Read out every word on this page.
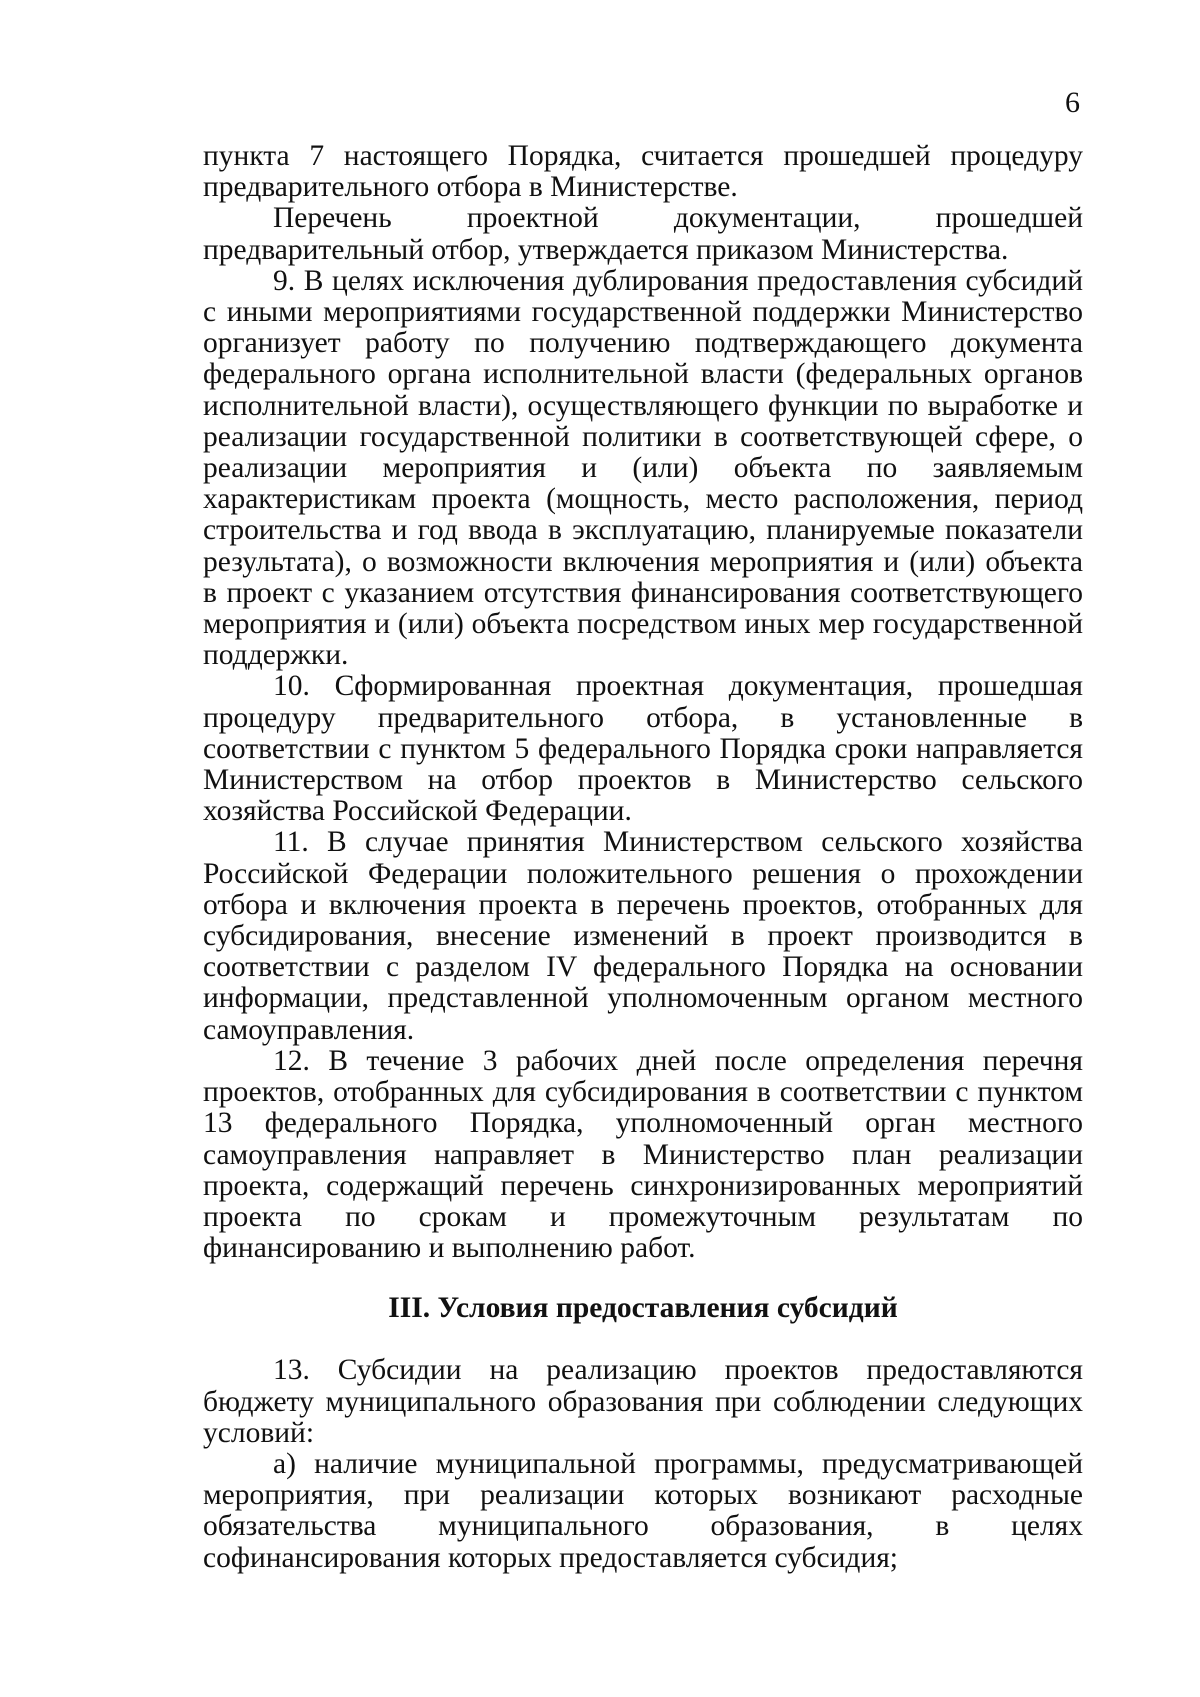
6

пункта 7 настоящего Порядка, считается прошедшей процедуру предварительного отбора в Министерстве.

Перечень проектной документации, прошедшей предварительный отбор, утверждается приказом Министерства.

9. В целях исключения дублирования предоставления субсидий с иными мероприятиями государственной поддержки Министерство организует работу по получению подтверждающего документа федерального органа исполнительной власти (федеральных органов исполнительной власти), осуществляющего функции по выработке и реализации государственной политики в соответствующей сфере, о реализации мероприятия и (или) объекта по заявляемым характеристикам проекта (мощность, место расположения, период строительства и год ввода в эксплуатацию, планируемые показатели результата), о возможности включения мероприятия и (или) объекта в проект с указанием отсутствия финансирования соответствующего мероприятия и (или) объекта посредством иных мер государственной поддержки.

10. Сформированная проектная документация, прошедшая процедуру предварительного отбора, в установленные в соответствии с пунктом 5 федерального Порядка сроки направляется Министерством на отбор проектов в Министерство сельского хозяйства Российской Федерации.

11. В случае принятия Министерством сельского хозяйства Российской Федерации положительного решения о прохождении отбора и включения проекта в перечень проектов, отобранных для субсидирования, внесение изменений в проект производится в соответствии с разделом IV федерального Порядка на основании информации, представленной уполномоченным органом местного самоуправления.

12. В течение 3 рабочих дней после определения перечня проектов, отобранных для субсидирования в соответствии с пунктом 13 федерального Порядка, уполномоченный орган местного самоуправления направляет в Министерство план реализации проекта, содержащий перечень синхронизированных мероприятий проекта по срокам и промежуточным результатам по финансированию и выполнению работ.

III. Условия предоставления субсидий

13. Субсидии на реализацию проектов предоставляются бюджету муниципального образования при соблюдении следующих условий:

а) наличие муниципальной программы, предусматривающей мероприятия, при реализации которых возникают расходные обязательства муниципального образования, в целях софинансирования которых предоставляется субсидия;
